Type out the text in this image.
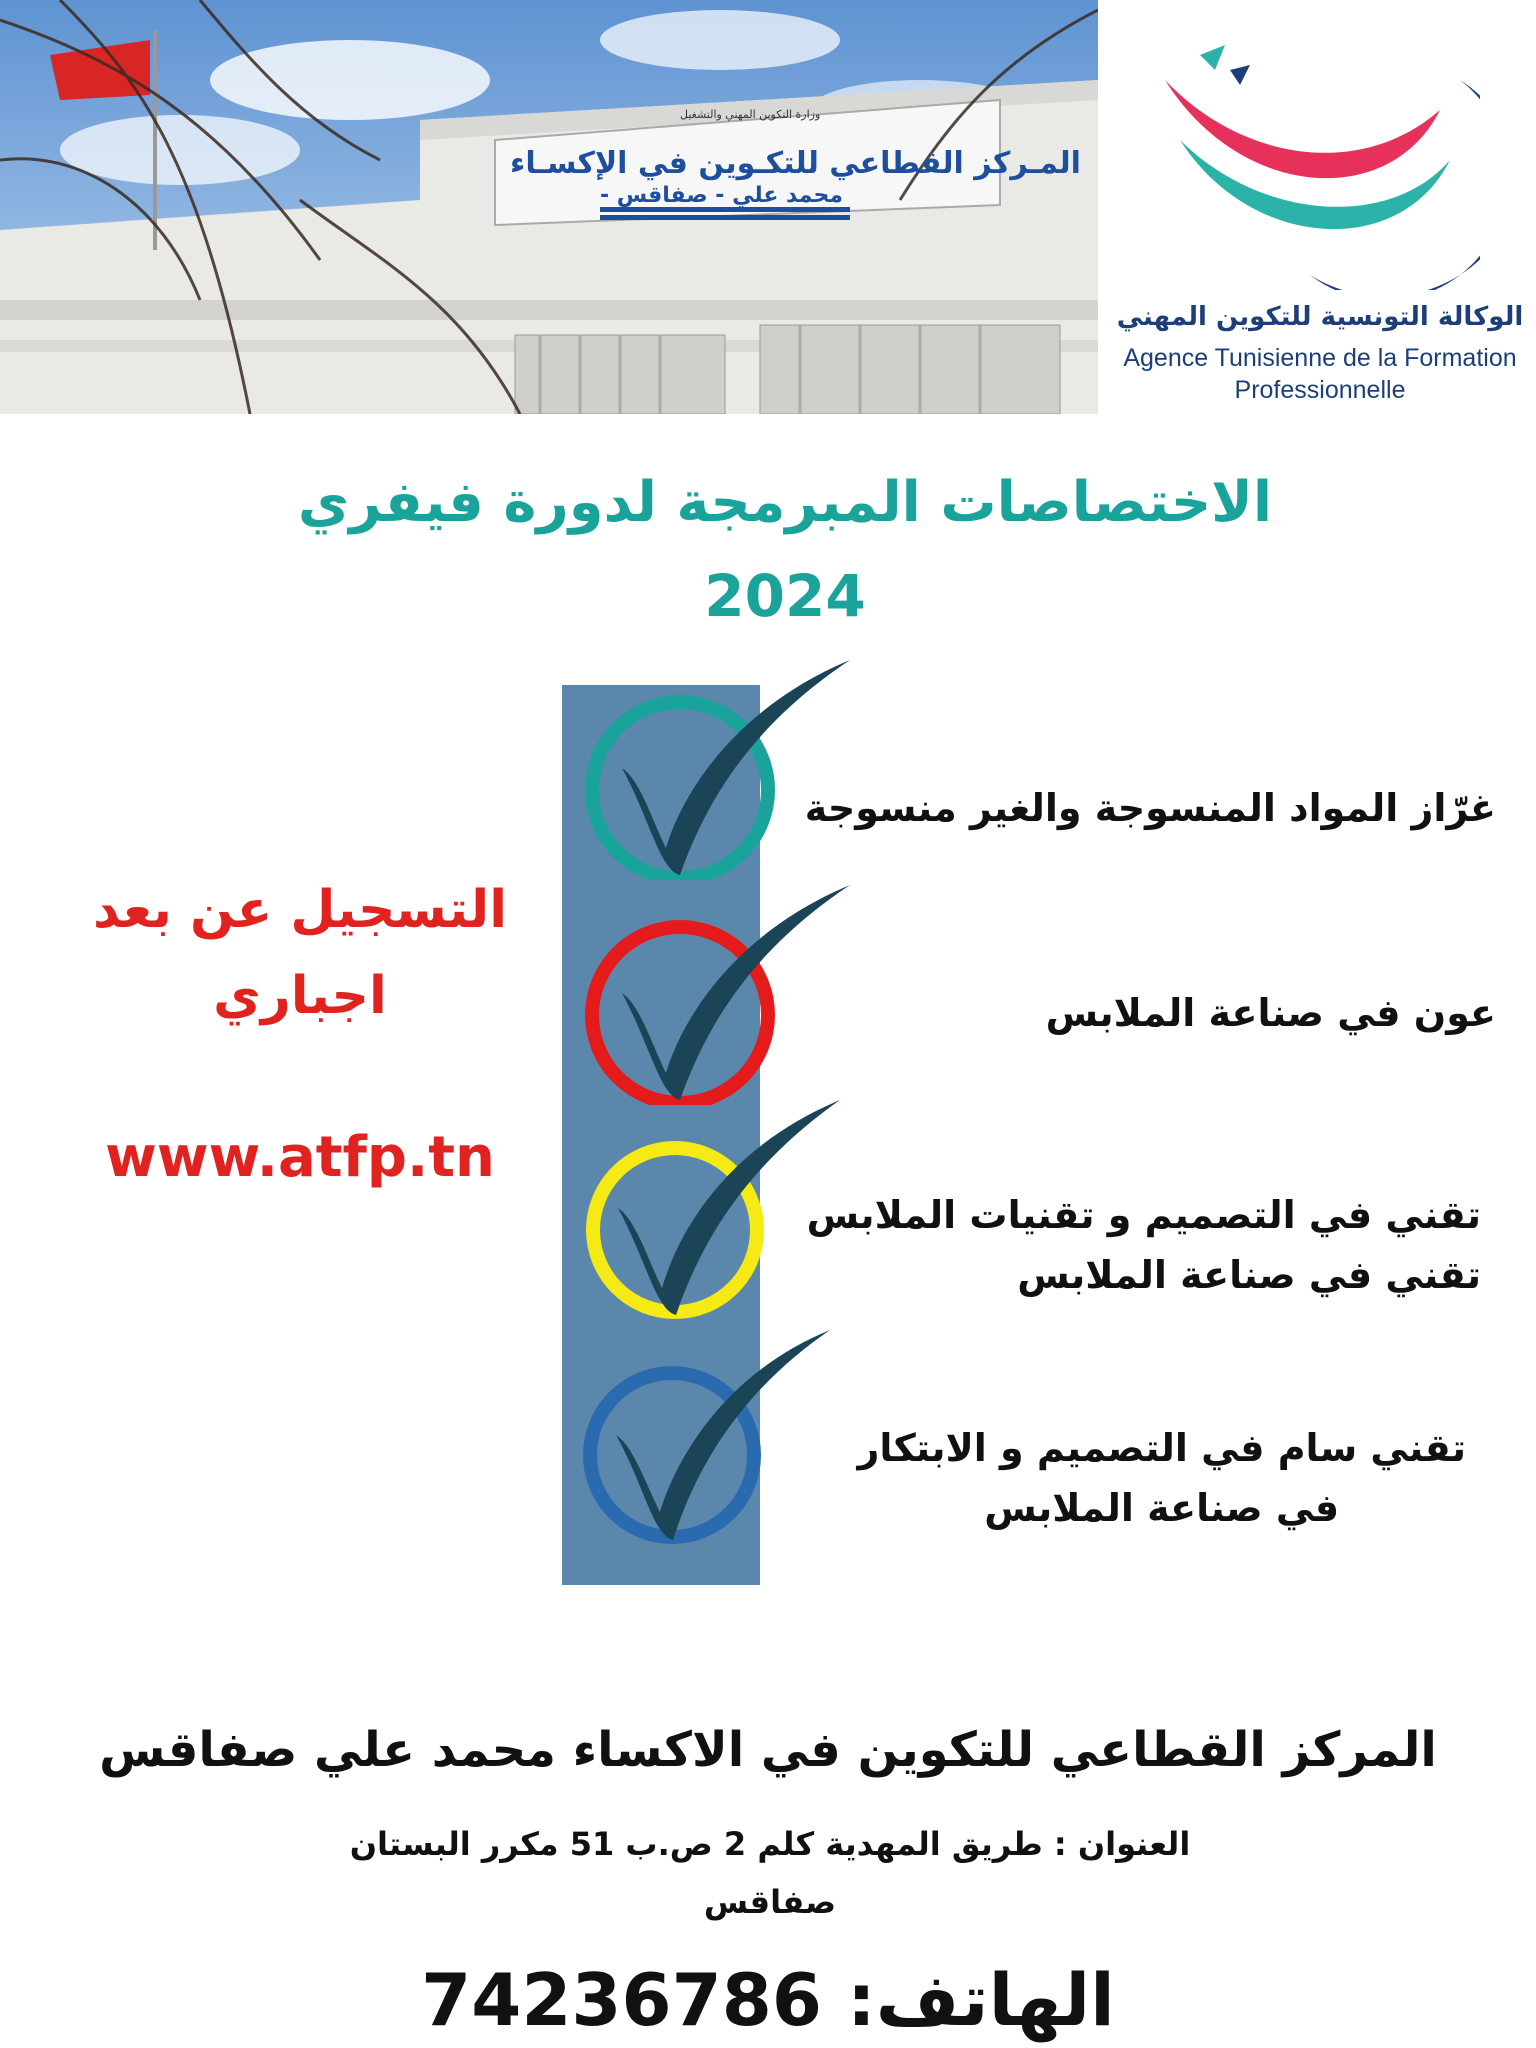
وزارة التكوين المهني والتشغيل
المـركز القطاعي للتكـوين في الإكسـاء
محمد علي - صفاقس -
الوكالة التونسية للتكوين المهني
Agence Tunisienne de la Formation
Professionnelle
الاختصاصات المبرمجة لدورة فيفري
2024
غرّاز المواد المنسوجة والغير منسوجة
عون في صناعة الملابس
تقني في التصميم و تقنيات الملابس
تقني في صناعة الملابس
تقني سام في التصميم و الابتكار
في صناعة الملابس
التسجيل عن بعد
اجباري
www.atfp.tn
المركز القطاعي للتكوين في الاكساء محمد علي صفاقس
العنوان : طريق المهدية كلم 2 ص.ب 51 مكرر البستان
صفاقس
الهاتف: 74236786
